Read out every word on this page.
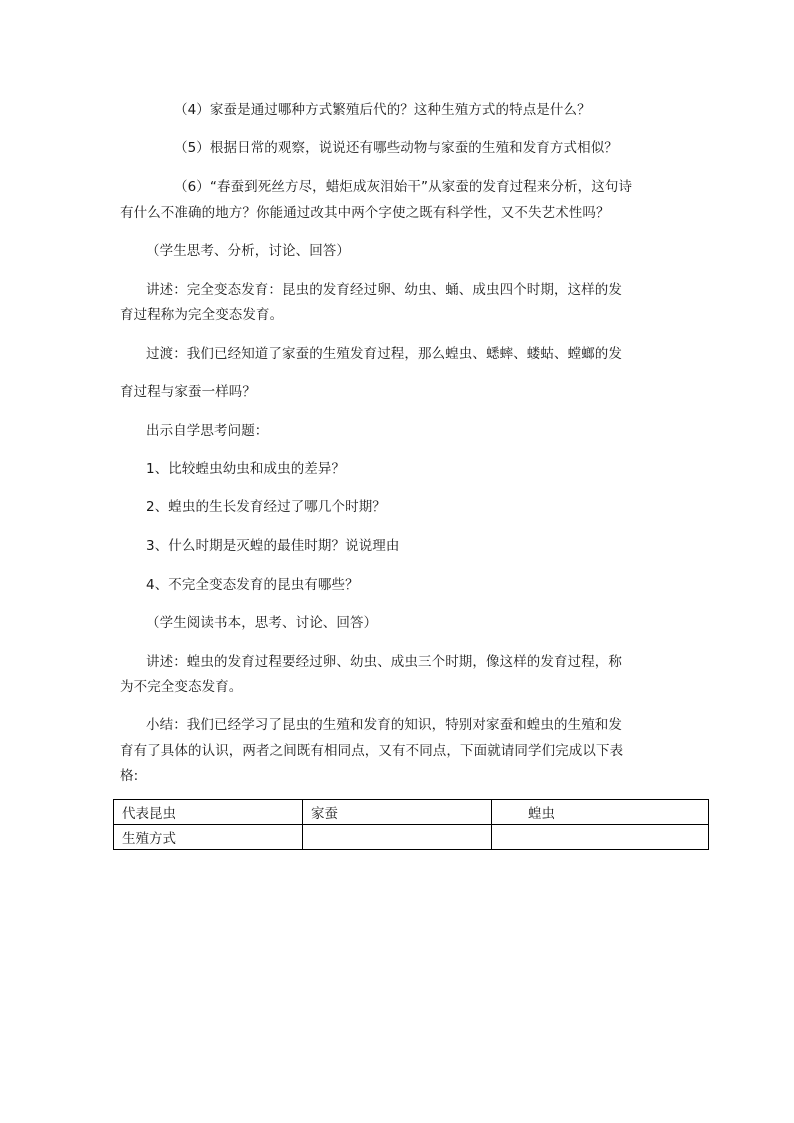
（4）家蚕是通过哪种方式繁殖后代的？这种生殖方式的特点是什么？
（5）根据日常的观察，说说还有哪些动物与家蚕的生殖和发育方式相似？
（6）“春蚕到死丝方尽，蜡炬成灰泪始干”从家蚕的发育过程来分析，这句诗
有什么不准确的地方？你能通过改其中两个字使之既有科学性，又不失艺术性吗？
（学生思考、分析，讨论、回答）
讲述：完全变态发育：昆虫的发育经过卵、幼虫、蛹、成虫四个时期，这样的发
育过程称为完全变态发育。
过渡：我们已经知道了家蚕的生殖发育过程，那么蝗虫、蟋蟀、蝼蛄、螳螂的发
育过程与家蚕一样吗？
出示自学思考问题：
1、比较蝗虫幼虫和成虫的差异？
2、蝗虫的生长发育经过了哪几个时期？
3、什么时期是灭蝗的最佳时期？说说理由
4、不完全变态发育的昆虫有哪些？
（学生阅读书本，思考、讨论、回答）
讲述：蝗虫的发育过程要经过卵、幼虫、成虫三个时期，像这样的发育过程，称
为不完全变态发育。
小结：我们已经学习了昆虫的生殖和发育的知识，特别对家蚕和蝗虫的生殖和发
育有了具体的认识，两者之间既有相同点，又有不同点，下面就请同学们完成以下表
格:
代表昆虫	家蚕	蝗虫
生殖方式		
